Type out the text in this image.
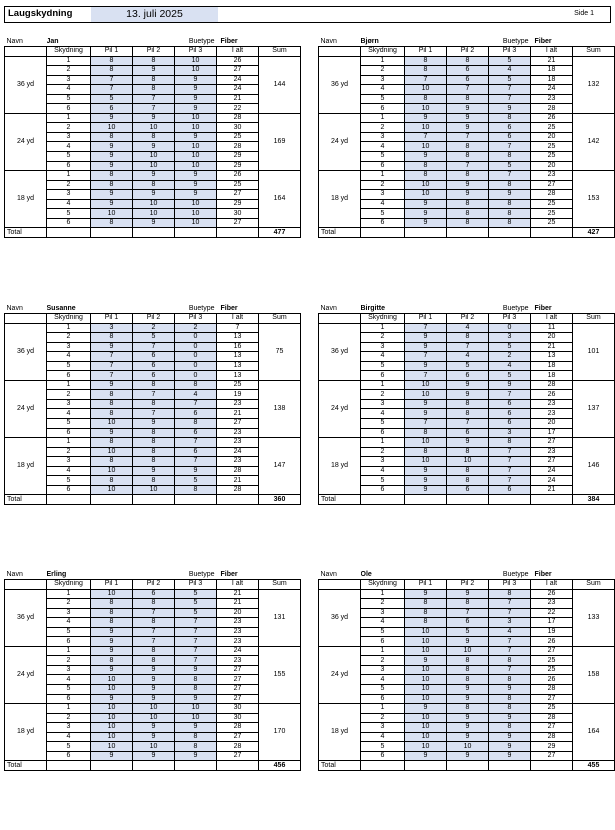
Laugskydning	13. juli 2025	Side 1
Navn	Jan			Buetype	Fiber	
	Skydning	Pil 1	Pil 2	Pil 3	I alt	Sum
36 yd	1	8	8	10	26	144
	2	8	9	10	27	
	3	7	8	9	24	
	4	7	8	9	24	
	5	5	7	9	21	
	6	6	7	9	22	
24 yd	1	9	9	10	28	169
	2	10	10	10	30	
	3	8	8	9	25	
	4	9	9	10	28	
	5	9	10	10	29	
	6	9	10	10	29	
18 yd	1	8	9	9	26	164
	2	8	8	9	25	
	3	9	9	9	27	
	4	9	10	10	29	
	5	10	10	10	30	
	6	8	9	10	27	
Total						477
Navn	Bjørn			Buetype	Fiber	
	Skydning	Pil 1	Pil 2	Pil 3	I alt	Sum
36 yd	1	8	8	5	21	132
	2	8	6	4	18	
	3	7	6	5	18	
	4	10	7	7	24	
	5	8	8	7	23	
	6	10	9	9	28	
24 yd	1	9	9	8	26	142
	2	10	9	6	25	
	3	7	7	6	20	
	4	10	8	7	25	
	5	9	8	8	25	
	6	8	7	5	20	
18 yd	1	8	8	7	23	153
	2	10	9	8	27	
	3	10	9	9	28	
	4	9	8	8	25	
	5	9	8	8	25	
	6	9	8	8	25	
Total						427
Navn	Susanne			Buetype	Fiber	
	Skydning	Pil 1	Pil 2	Pil 3	I alt	Sum
36 yd	1	3	2	2	7	75
	2	8	5	0	13	
	3	9	7	0	16	
	4	7	6	0	13	
	5	7	6	0	13	
	6	7	6	0	13	
24 yd	1	9	8	8	25	138
	2	8	7	4	19	
	3	8	8	7	23	
	4	8	7	6	21	
	5	10	9	8	27	
	6	9	8	6	23	
18 yd	1	8	8	7	23	147
	2	10	8	6	24	
	3	8	8	7	23	
	4	10	9	9	28	
	5	8	8	5	21	
	6	10	10	8	28	
Total						360
Navn	Birgitte			Buetype	Fiber	
	Skydning	Pil 1	Pil 2	Pil 3	I alt	Sum
36 yd	1	7	4	0	11	101
	2	9	8	3	20	
	3	9	7	5	21	
	4	7	4	2	13	
	5	9	5	4	18	
	6	7	6	5	18	
24 yd	1	10	9	9	28	137
	2	10	9	7	26	
	3	9	8	6	23	
	4	9	8	6	23	
	5	7	7	6	20	
	6	8	6	3	17	
18 yd	1	10	9	8	27	146
	2	8	8	7	23	
	3	10	10	7	27	
	4	9	8	7	24	
	5	9	8	7	24	
	6	9	6	6	21	
Total						384
Navn	Erling			Buetype	Fiber	
	Skydning	Pil 1	Pil 2	Pil 3	I alt	Sum
36 yd	1	10	6	5	21	131
	2	8	8	5	21	
	3	8	7	5	20	
	4	8	8	7	23	
	5	9	7	7	23	
	6	9	7	7	23	
24 yd	1	9	8	7	24	155
	2	8	8	7	23	
	3	9	9	9	27	
	4	10	9	8	27	
	5	10	9	8	27	
	6	9	9	9	27	
18 yd	1	10	10	10	30	170
	2	10	10	10	30	
	3	10	9	9	28	
	4	10	9	8	27	
	5	10	10	8	28	
	6	9	9	9	27	
Total						456
Navn	Ole			Buetype	Fiber	
	Skydning	Pil 1	Pil 2	Pil 3	I alt	Sum
36 yd	1	9	9	8	26	133
	2	8	8	7	23	
	3	8	7	7	22	
	4	8	6	3	17	
	5	10	5	4	19	
	6	10	9	7	26	
24 yd	1	10	10	7	27	158
	2	9	8	8	25	
	3	10	8	7	25	
	4	10	8	8	26	
	5	10	9	9	28	
	6	10	9	8	27	
18 yd	1	9	8	8	25	164
	2	10	9	9	28	
	3	10	9	8	27	
	4	10	9	9	28	
	5	10	10	9	29	
	6	9	9	9	27	
Total						455
